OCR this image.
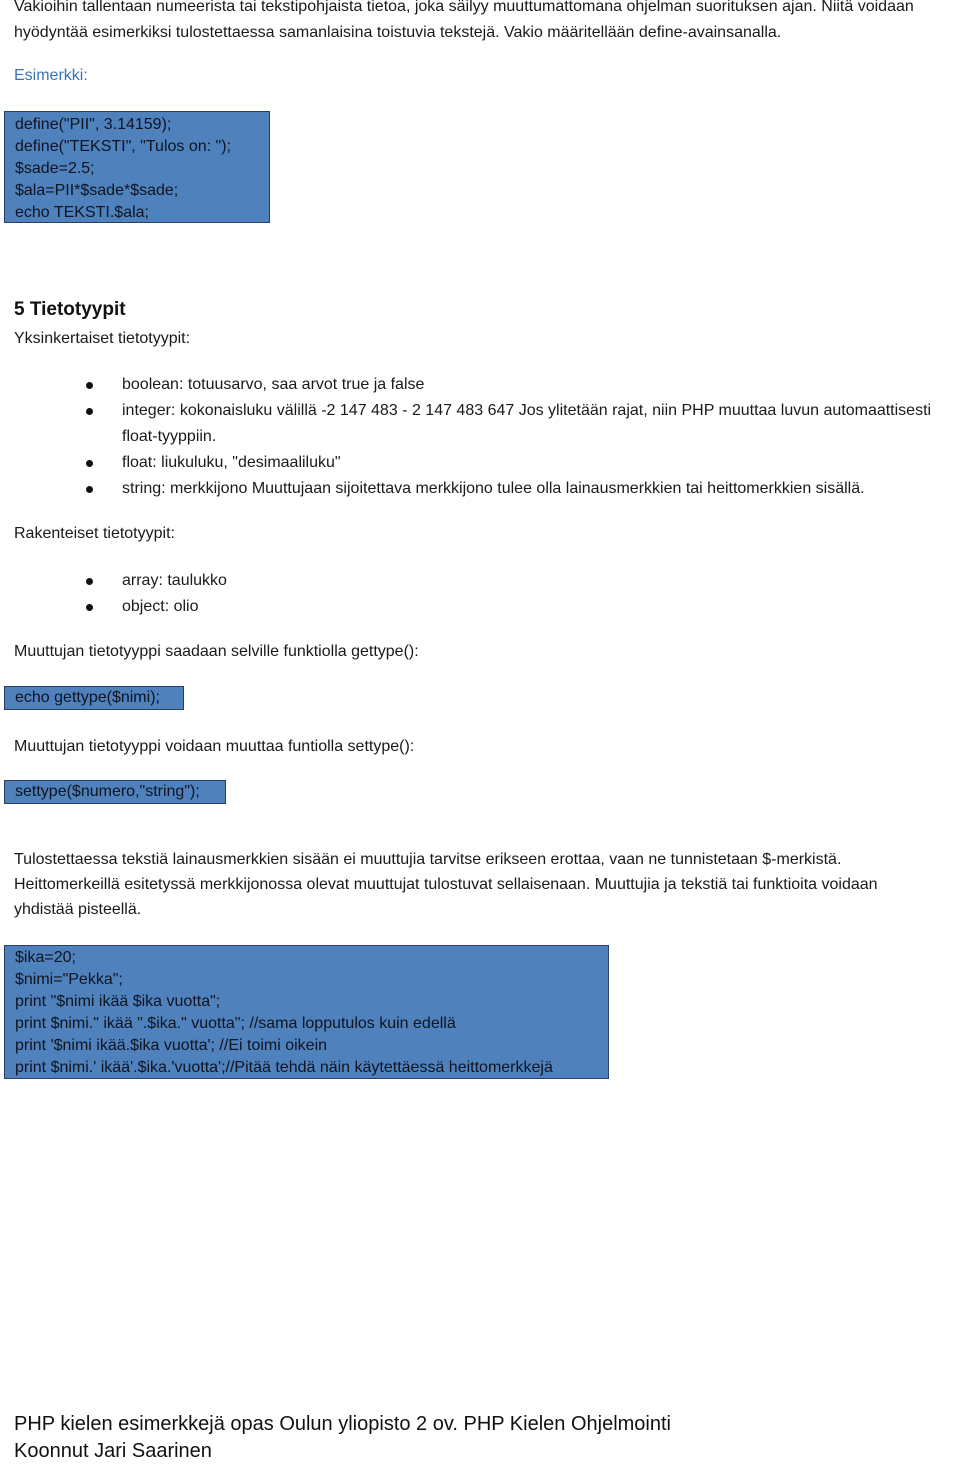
Vakioihin tallentaan numeerista tai tekstipohjaista tietoa, joka säilyy muuttumattomana ohjelman suorituksen ajan. Niitä voidaan

hyödyntää esimerkiksi tulostettaessa samanlaisina toistuvia tekstejä. Vakio määritellään define-avainsanalla.

Esimerkki:
define("PII", 3.14159);
define("TEKSTI", "Tulos on: ");
$sade=2.5;
$ala=PII*$sade*$sade;
echo TEKSTI.$ala;
5 Tietotyypit
Yksinkertaiset tietotyypit:
boolean: totuusarvo, saa arvot true ja false
integer: kokonaisluku välillä -2 147 483 - 2 147 483 647 Jos ylitetään rajat, niin PHP muuttaa luvun automaattisesti
float-tyyppiin.
float: liukuluku, "desimaaliluku"
string: merkkijono Muuttujaan sijoitettava merkkijono tulee olla lainausmerkkien tai heittomerkkien sisällä.
Rakenteiset tietotyypit:
array: taulukko
object: olio
Muuttujan tietotyyppi saadaan selville funktiolla gettype():
echo gettype($nimi);
Muuttujan tietotyyppi voidaan muuttaa funtiolla settype():
settype($numero,"string");
Tulostettaessa tekstiä lainausmerkkien sisään ei muuttujia tarvitse erikseen erottaa, vaan ne tunnistetaan $-merkistä.
Heittomerkeillä esitetyssä merkkijonossa olevat muuttujat tulostuvat sellaisenaan. Muuttujia ja tekstiä tai funktioita voidaan
yhdistää pisteellä.
$ika=20;
$nimi="Pekka";
print "$nimi ikää $ika vuotta";
print $nimi." ikää ".$ika." vuotta"; //sama lopputulos kuin edellä
print '$nimi ikää.$ika vuotta'; //Ei toimi oikein
print $nimi.' ikää'.$ika.'vuotta';//Pitää tehdä näin käytettäessä heittomerkkejä
PHP kielen esimerkkejä opas Oulun yliopisto 2 ov. PHP Kielen Ohjelmointi
Koonnut Jari Saarinen
